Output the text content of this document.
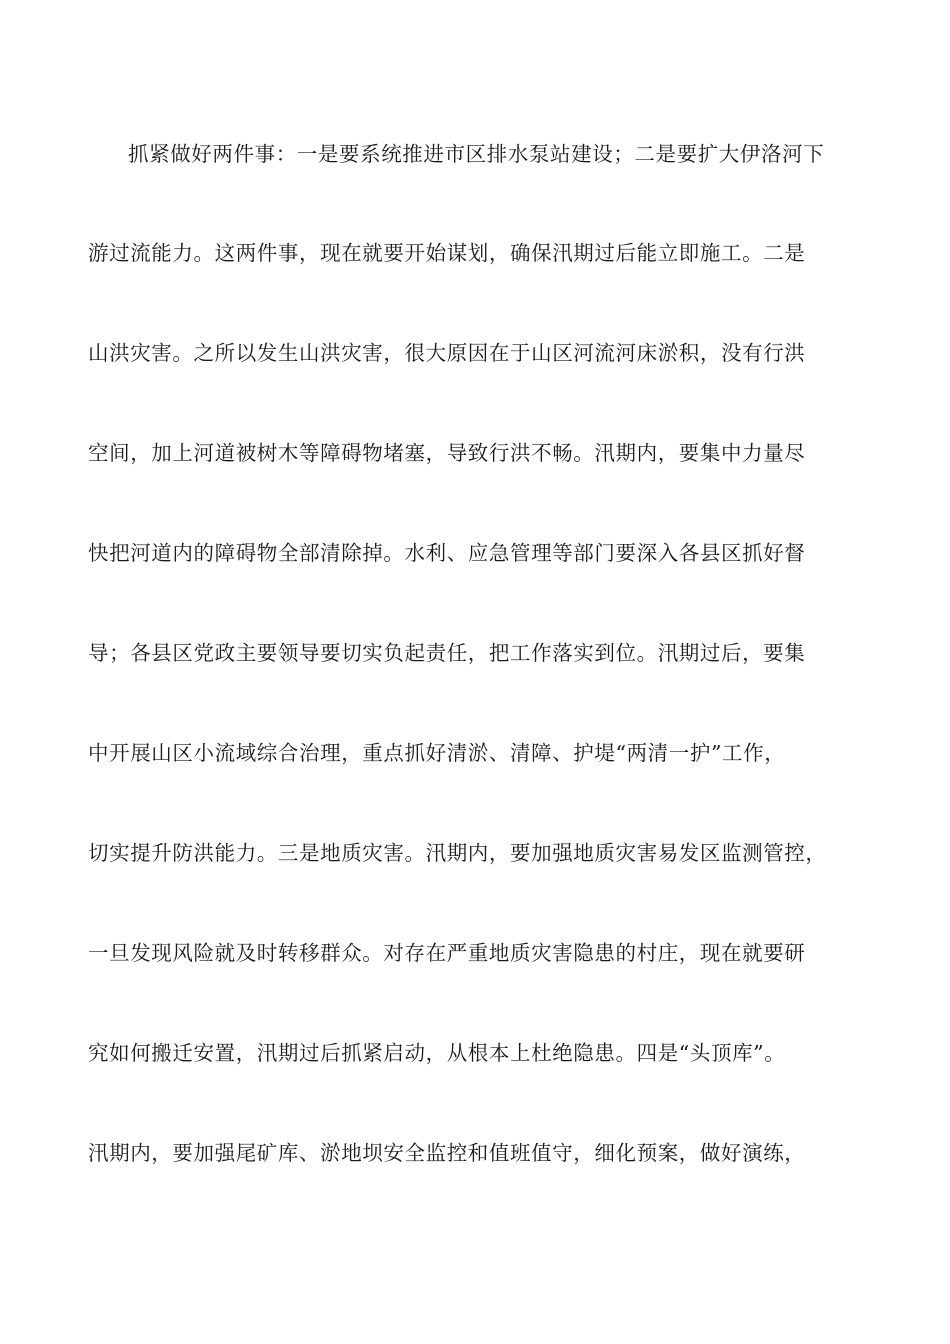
抓紧做好两件事：一是要系统推进市区排水泵站建设；二是要扩大伊洛河下
游过流能力。这两件事，现在就要开始谋划，确保汛期过后能立即施工。二是
山洪灾害。之所以发生山洪灾害，很大原因在于山区河流河床淤积，没有行洪
空间，加上河道被树木等障碍物堵塞，导致行洪不畅。汛期内，要集中力量尽
快把河道内的障碍物全部清除掉。水利、应急管理等部门要深入各县区抓好督
导；各县区党政主要领导要切实负起责任，把工作落实到位。汛期过后，要集
中开展山区小流域综合治理，重点抓好清淤、清障、护堤“两清一护”工作，
切实提升防洪能力。三是地质灾害。汛期内，要加强地质灾害易发区监测管控，
一旦发现风险就及时转移群众。对存在严重地质灾害隐患的村庄，现在就要研
究如何搬迁安置，汛期过后抓紧启动，从根本上杜绝隐患。四是“头顶库”。
汛期内，要加强尾矿库、淤地坝安全监控和值班值守，细化预案，做好演练，
